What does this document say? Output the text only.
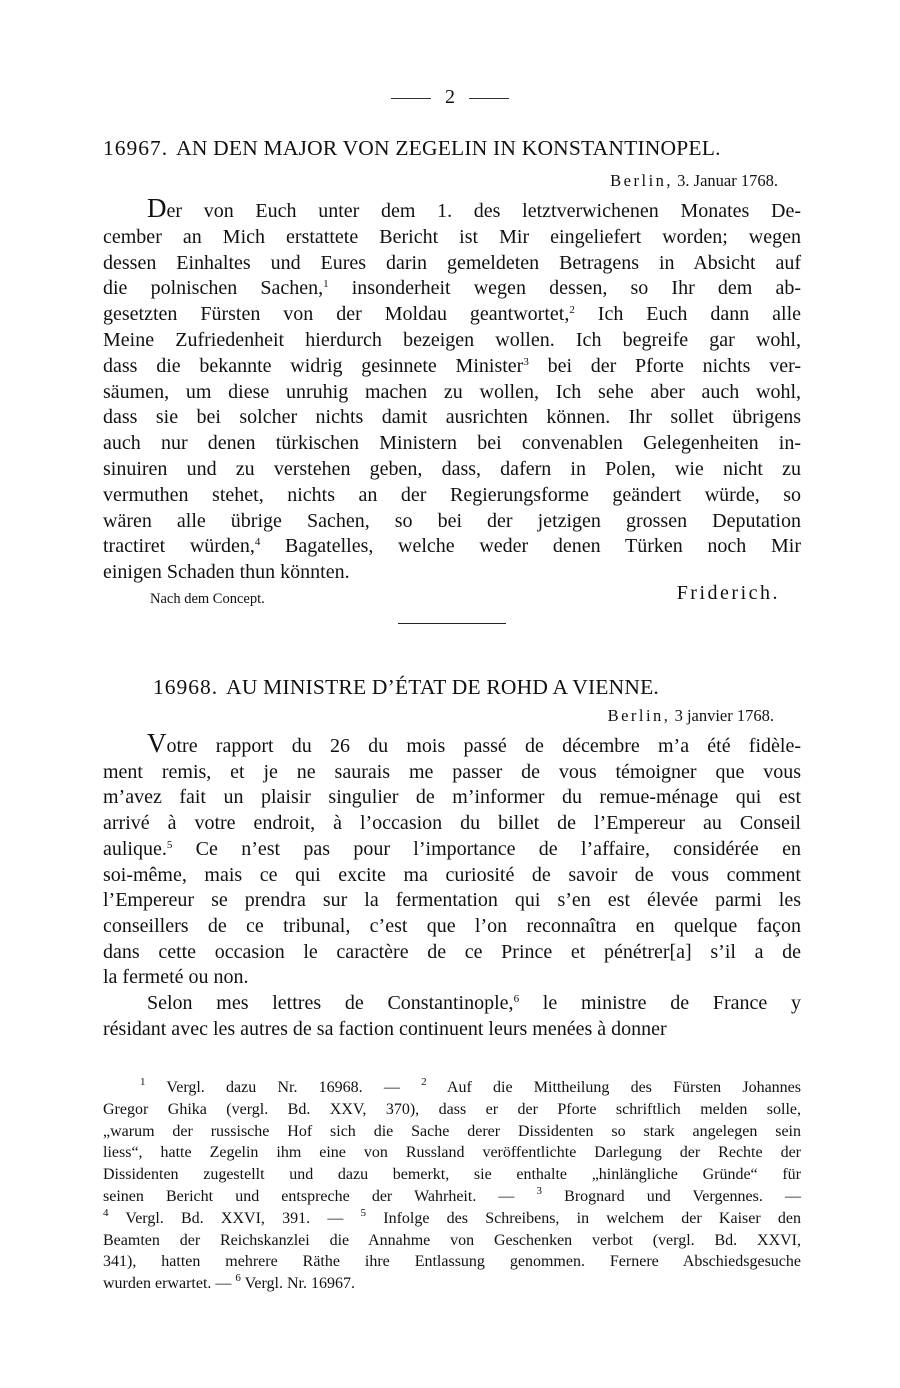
2
16967. AN DEN MAJOR VON ZEGELIN IN KONSTANTINOPEL.
Berlin, 3. Januar 1768.
Der von Euch unter dem 1. des letztverwichenen Monates De-
cember an Mich erstattete Bericht ist Mir eingeliefert worden; wegen
dessen Einhaltes und Eures darin gemeldeten Betragens in Absicht auf
die polnischen Sachen,$^1$ insonderheit wegen dessen, so Ihr dem ab-
gesetzten Fürsten von der Moldau geantwortet,$^2$ Ich Euch dann alle
Meine Zufriedenheit hierdurch bezeigen wollen. Ich begreife gar wohl,
dass die bekannte widrig gesinnete Minister$^3$ bei der Pforte nichts ver-
säumen, um diese unruhig machen zu wollen, Ich sehe aber auch wohl,
dass sie bei solcher nichts damit ausrichten können. Ihr sollet übrigens
auch nur denen türkischen Ministern bei convenablen Gelegenheiten in-
sinuiren und zu verstehen geben, dass, dafern in Polen, wie nicht zu
vermuthen stehet, nichts an der Regierungsforme geändert würde, so
wären alle übrige Sachen, so bei der jetzigen grossen Deputation
tractiret würden,$^4$ Bagatelles, welche weder denen Türken noch Mir
einigen Schaden thun könnten.
Nach dem Concept.	Friderich.
16968. AU MINISTRE D’ÉTAT DE ROHD A VIENNE.
Berlin, 3 janvier 1768.
Votre rapport du 26 du mois passé de décembre m’a été fidèle-
ment remis, et je ne saurais me passer de vous témoigner que vous
m’avez fait un plaisir singulier de m’informer du remue-ménage qui est
arrivé à votre endroit, à l’occasion du billet de l’Empereur au Conseil
aulique.$^5$ Ce n’est pas pour l’importance de l’affaire, considérée en
soi-même, mais ce qui excite ma curiosité de savoir de vous comment
l’Empereur se prendra sur la fermentation qui s’en est élevée parmi les
conseillers de ce tribunal, c’est que l’on reconnaîtra en quelque façon
dans cette occasion le caractère de ce Prince et pénétrer[a] s’il a de
la fermeté ou non.
Selon mes lettres de Constantinople,$^6$ le ministre de France y
résidant avec les autres de sa faction continuent leurs menées à donner
$^1$ Vergl. dazu Nr. 16968. — $^2$ Auf die Mittheilung des Fürsten Johannes
Gregor Ghika (vergl. Bd. XXV, 370), dass er der Pforte schriftlich melden solle,
„warum der russische Hof sich die Sache derer Dissidenten so stark angelegen sein
liess“, hatte Zegelin ihm eine von Russland veröffentlichte Darlegung der Rechte der
Dissidenten zugestellt und dazu bemerkt, sie enthalte „hinlängliche Gründe“ für
seinen Bericht und entspreche der Wahrheit. — $^3$ Brognard und Vergennes. —
$^4$ Vergl. Bd. XXVI, 391. — $^5$ Infolge des Schreibens, in welchem der Kaiser den
Beamten der Reichskanzlei die Annahme von Geschenken verbot (vergl. Bd. XXVI,
341), hatten mehrere Räthe ihre Entlassung genommen. Fernere Abschiedsgesuche
wurden erwartet. — $^6$ Vergl. Nr. 16967.
